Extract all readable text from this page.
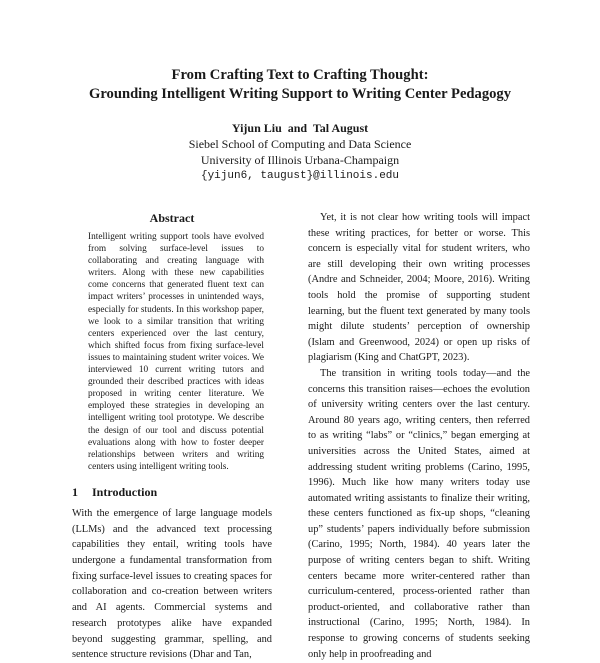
From Crafting Text to Crafting Thought:
Grounding Intelligent Writing Support to Writing Center Pedagogy
Yijun Liu  and  Tal August
Siebel School of Computing and Data Science
University of Illinois Urbana-Champaign
{yijun6, taugust}@illinois.edu
Abstract

Intelligent writing support tools have evolved from solving surface-level issues to collaborating and creating language with writers. Along with these new capabilities come concerns that generated fluent text can impact writers’ processes in unintended ways, especially for students. In this workshop paper, we look to a similar transition that writing centers experienced over the last century, which shifted focus from fixing surface-level issues to maintaining student writer voices. We interviewed 10 current writing tutors and grounded their described practices with ideas proposed in writing center literature. We employed these strategies in developing an intelligent writing tool prototype. We describe the design of our tool and discuss potential evaluations along with how to foster deeper relationships between writers and writing centers using intelligent writing tools.

1 Introduction

With the emergence of large language models (LLMs) and the advanced text processing capabilities they entail, writing tools have undergone a fundamental transformation from fixing surface-level issues to creating spaces for collaboration and co-creation between writers and AI agents. Commercial systems and research prototypes alike have expanded beyond suggesting grammar, spelling, and sentence structure revisions (Dhar and Tan,

Yet, it is not clear how writing tools will impact these writing practices, for better or worse. This concern is especially vital for student writers, who are still developing their own writing processes (Andre and Schneider, 2004; Moore, 2016). Writing tools hold the promise of supporting student learning, but the fluent text generated by many tools might dilute students’ perception of ownership (Islam and Greenwood, 2024) or open up risks of plagiarism (King and ChatGPT, 2023).

The transition in writing tools today—and the concerns this transition raises—echoes the evolution of university writing centers over the last century. Around 80 years ago, writing centers, then referred to as writing “labs” or “clinics,” began emerging at universities across the United States, aimed at addressing student writing problems (Carino, 1995, 1996). Much like how many writers today use automated writing assistants to finalize their writing, these centers functioned as fix-up shops, “cleaning up” students’ papers individually before submission (Carino, 1995; North, 1984). 40 years later the purpose of writing centers began to shift. Writing centers became more writer-centered rather than curriculum-centered, process-oriented rather than product-oriented, and collaborative rather than instructional (Carino, 1995; North, 1984). In response to growing concerns of students seeking only help in proofreading and
